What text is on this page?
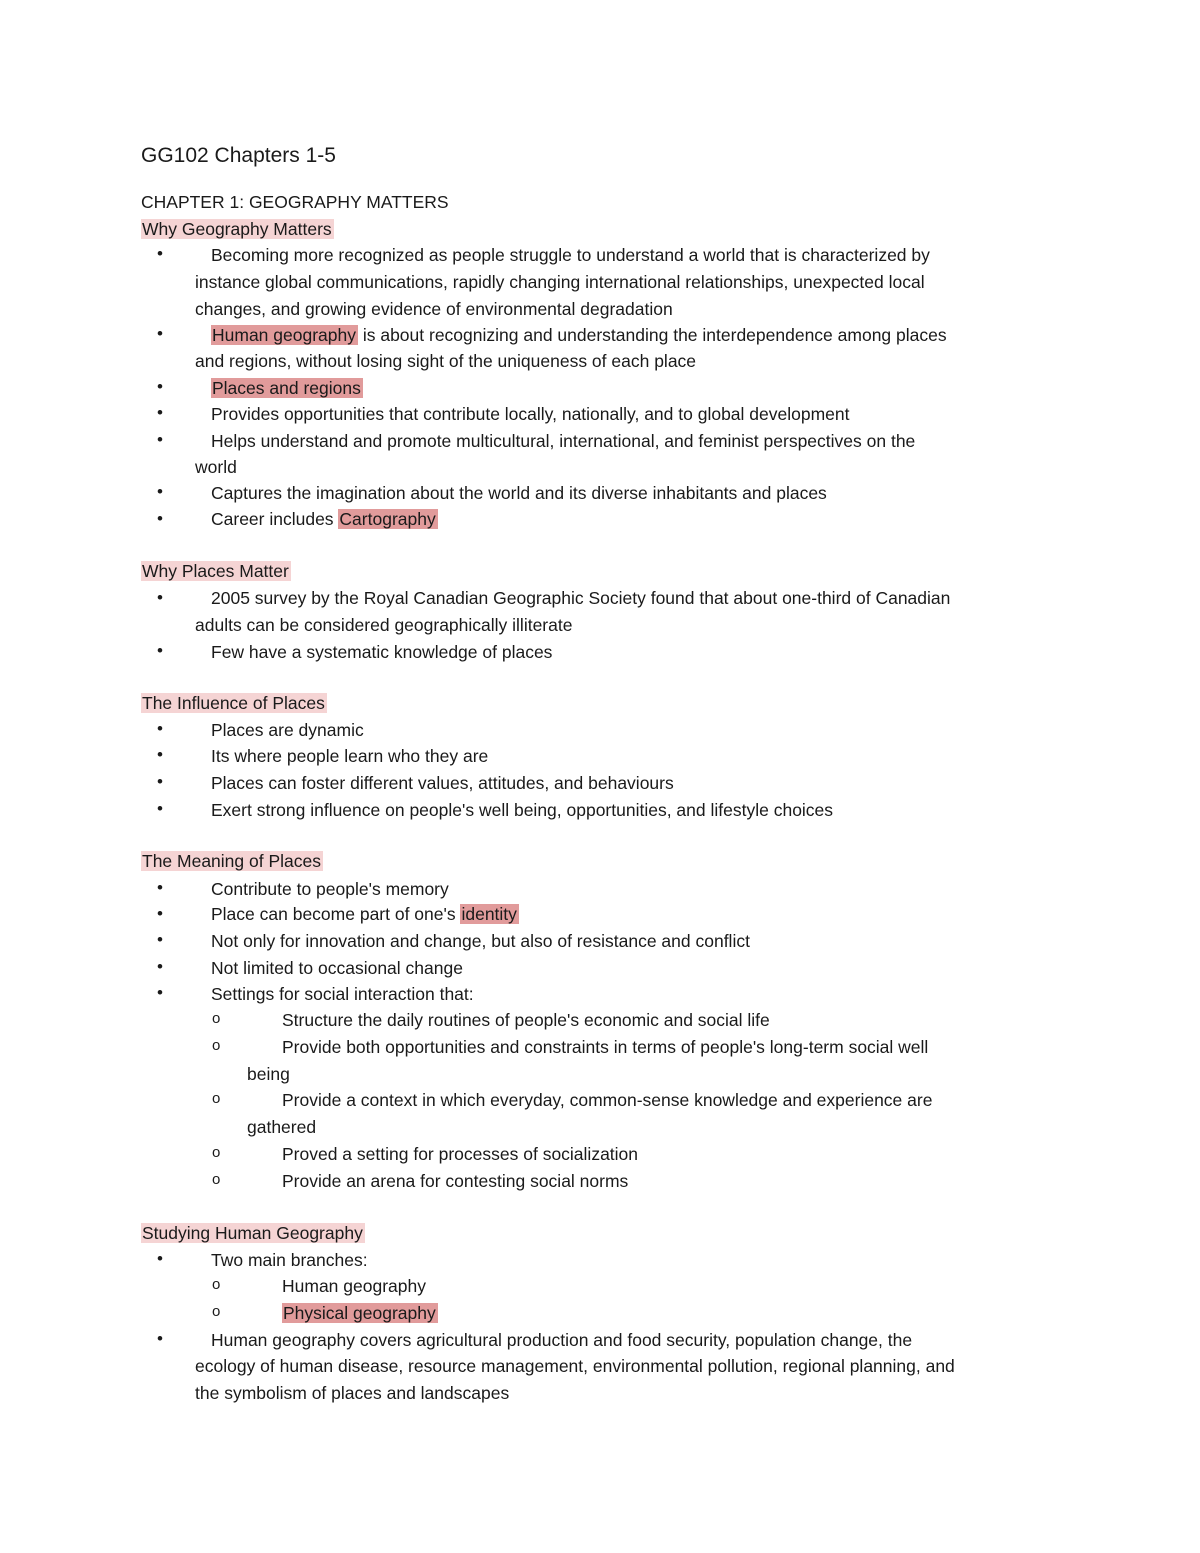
GG102 Chapters 1-5
CHAPTER 1: GEOGRAPHY MATTERS
Why Geography Matters
•	Becoming more recognized as people struggle to understand a world that is characterized by
instance global communications, rapidly changing international relationships, unexpected local
changes, and growing evidence of environmental degradation
•	Human geography is about recognizing and understanding the interdependence among places
and regions, without losing sight of the uniqueness of each place
•	Places and regions
•	Provides opportunities that contribute locally, nationally, and to global development
•	Helps understand and promote multicultural, international, and feminist perspectives on the
world
•	Captures the imagination about the world and its diverse inhabitants and places
•	Career includes Cartography
Why Places Matter
•	2005 survey by the Royal Canadian Geographic Society found that about one-third of Canadian
adults can be considered geographically illiterate
•	Few have a systematic knowledge of places
The Influence of Places
•	Places are dynamic
•	Its where people learn who they are
•	Places can foster different values, attitudes, and behaviours
•	Exert strong influence on people's well being, opportunities, and lifestyle choices
The Meaning of Places
•	Contribute to people's memory
•	Place can become part of one's identity
•	Not only for innovation and change, but also of resistance and conflict
•	Not limited to occasional change
•	Settings for social interaction that:
o	Structure the daily routines of people's economic and social life
o	Provide both opportunities and constraints in terms of people's long-term social well
being
o	Provide a context in which everyday, common-sense knowledge and experience are
gathered
o	Proved a setting for processes of socialization
o	Provide an arena for contesting social norms
Studying Human Geography
•	Two main branches:
o	Human geography
o	Physical geography
•	Human geography covers agricultural production and food security, population change, the
ecology of human disease, resource management, environmental pollution, regional planning, and
the symbolism of places and landscapes
